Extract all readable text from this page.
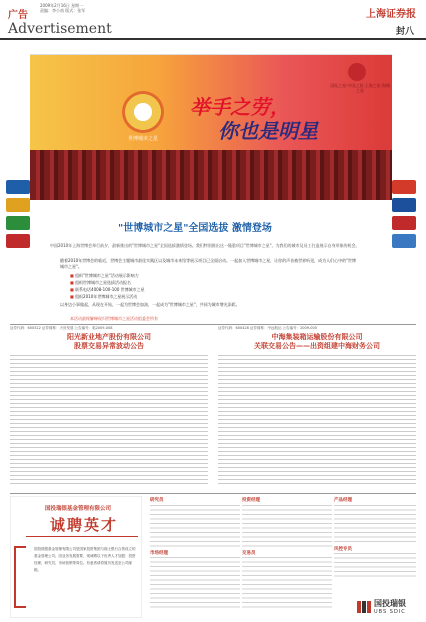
广告
2009年2月16日 星期一
责编：李小南 版式：张军
Advertisement
上海证券报
封八
世博城市之星
国际之星·中国之星·上海之星·海城之星
举手之劳，
你也是明星
"世博城市之星"全国选拔 激情登场
中国2010年上海世博会举行前夕，最新推出的"世博城市之星"全国选拔激情登场。我们特别推出这一隆重项目"世博城市之星"，为我们的城市及员工打造展示自身形象的机会。

随着2010年世博会的临近，世博会主题城市最佳实践区以及城市未来馆等展示项目已全面启动。一起加入世博城市之星，让你的声音被世界听见，成为人们心中的"世博城市之星"。

■ 组织"世博城市之星"活动展示影响力
■ 组织世博城市之星选拔活动报名
■ 联系电话4008-100-100 世博城市之星
■ 组织2010年世博城市之星展示活动
以身边小事做起，从现在开始，一起为世博会加油，一起成为"世博城市之星"，共同为城市增光添彩。
本活动最终解释权归世博城市之星活动组委会所有
证券代码：600322 证券简称：天房发展 公告编号：临2009-008
阳光新业地产股份有限公司
股票交易异常波动公告
证券代码：600428 证券简称：中远航运 公告编号：2009-005
中海集装箱运输股份有限公司
关联交易公告——出资组建中海财务公司
国投瑞银基金管理有限公司
诚聘英才
国投瑞银基金管理有限公司是国家投资集团与瑞士银行合资设立的基金管理公司。因业务发展需要，现诚聘以下优秀人才加盟：投资经理、研究员、市场营销等岗位。有意者请将简历发送至公司邮箱。
研究员
市场经理
投资经理
交易员
产品经理
风控专员
国投瑞银
UBS SDIC
